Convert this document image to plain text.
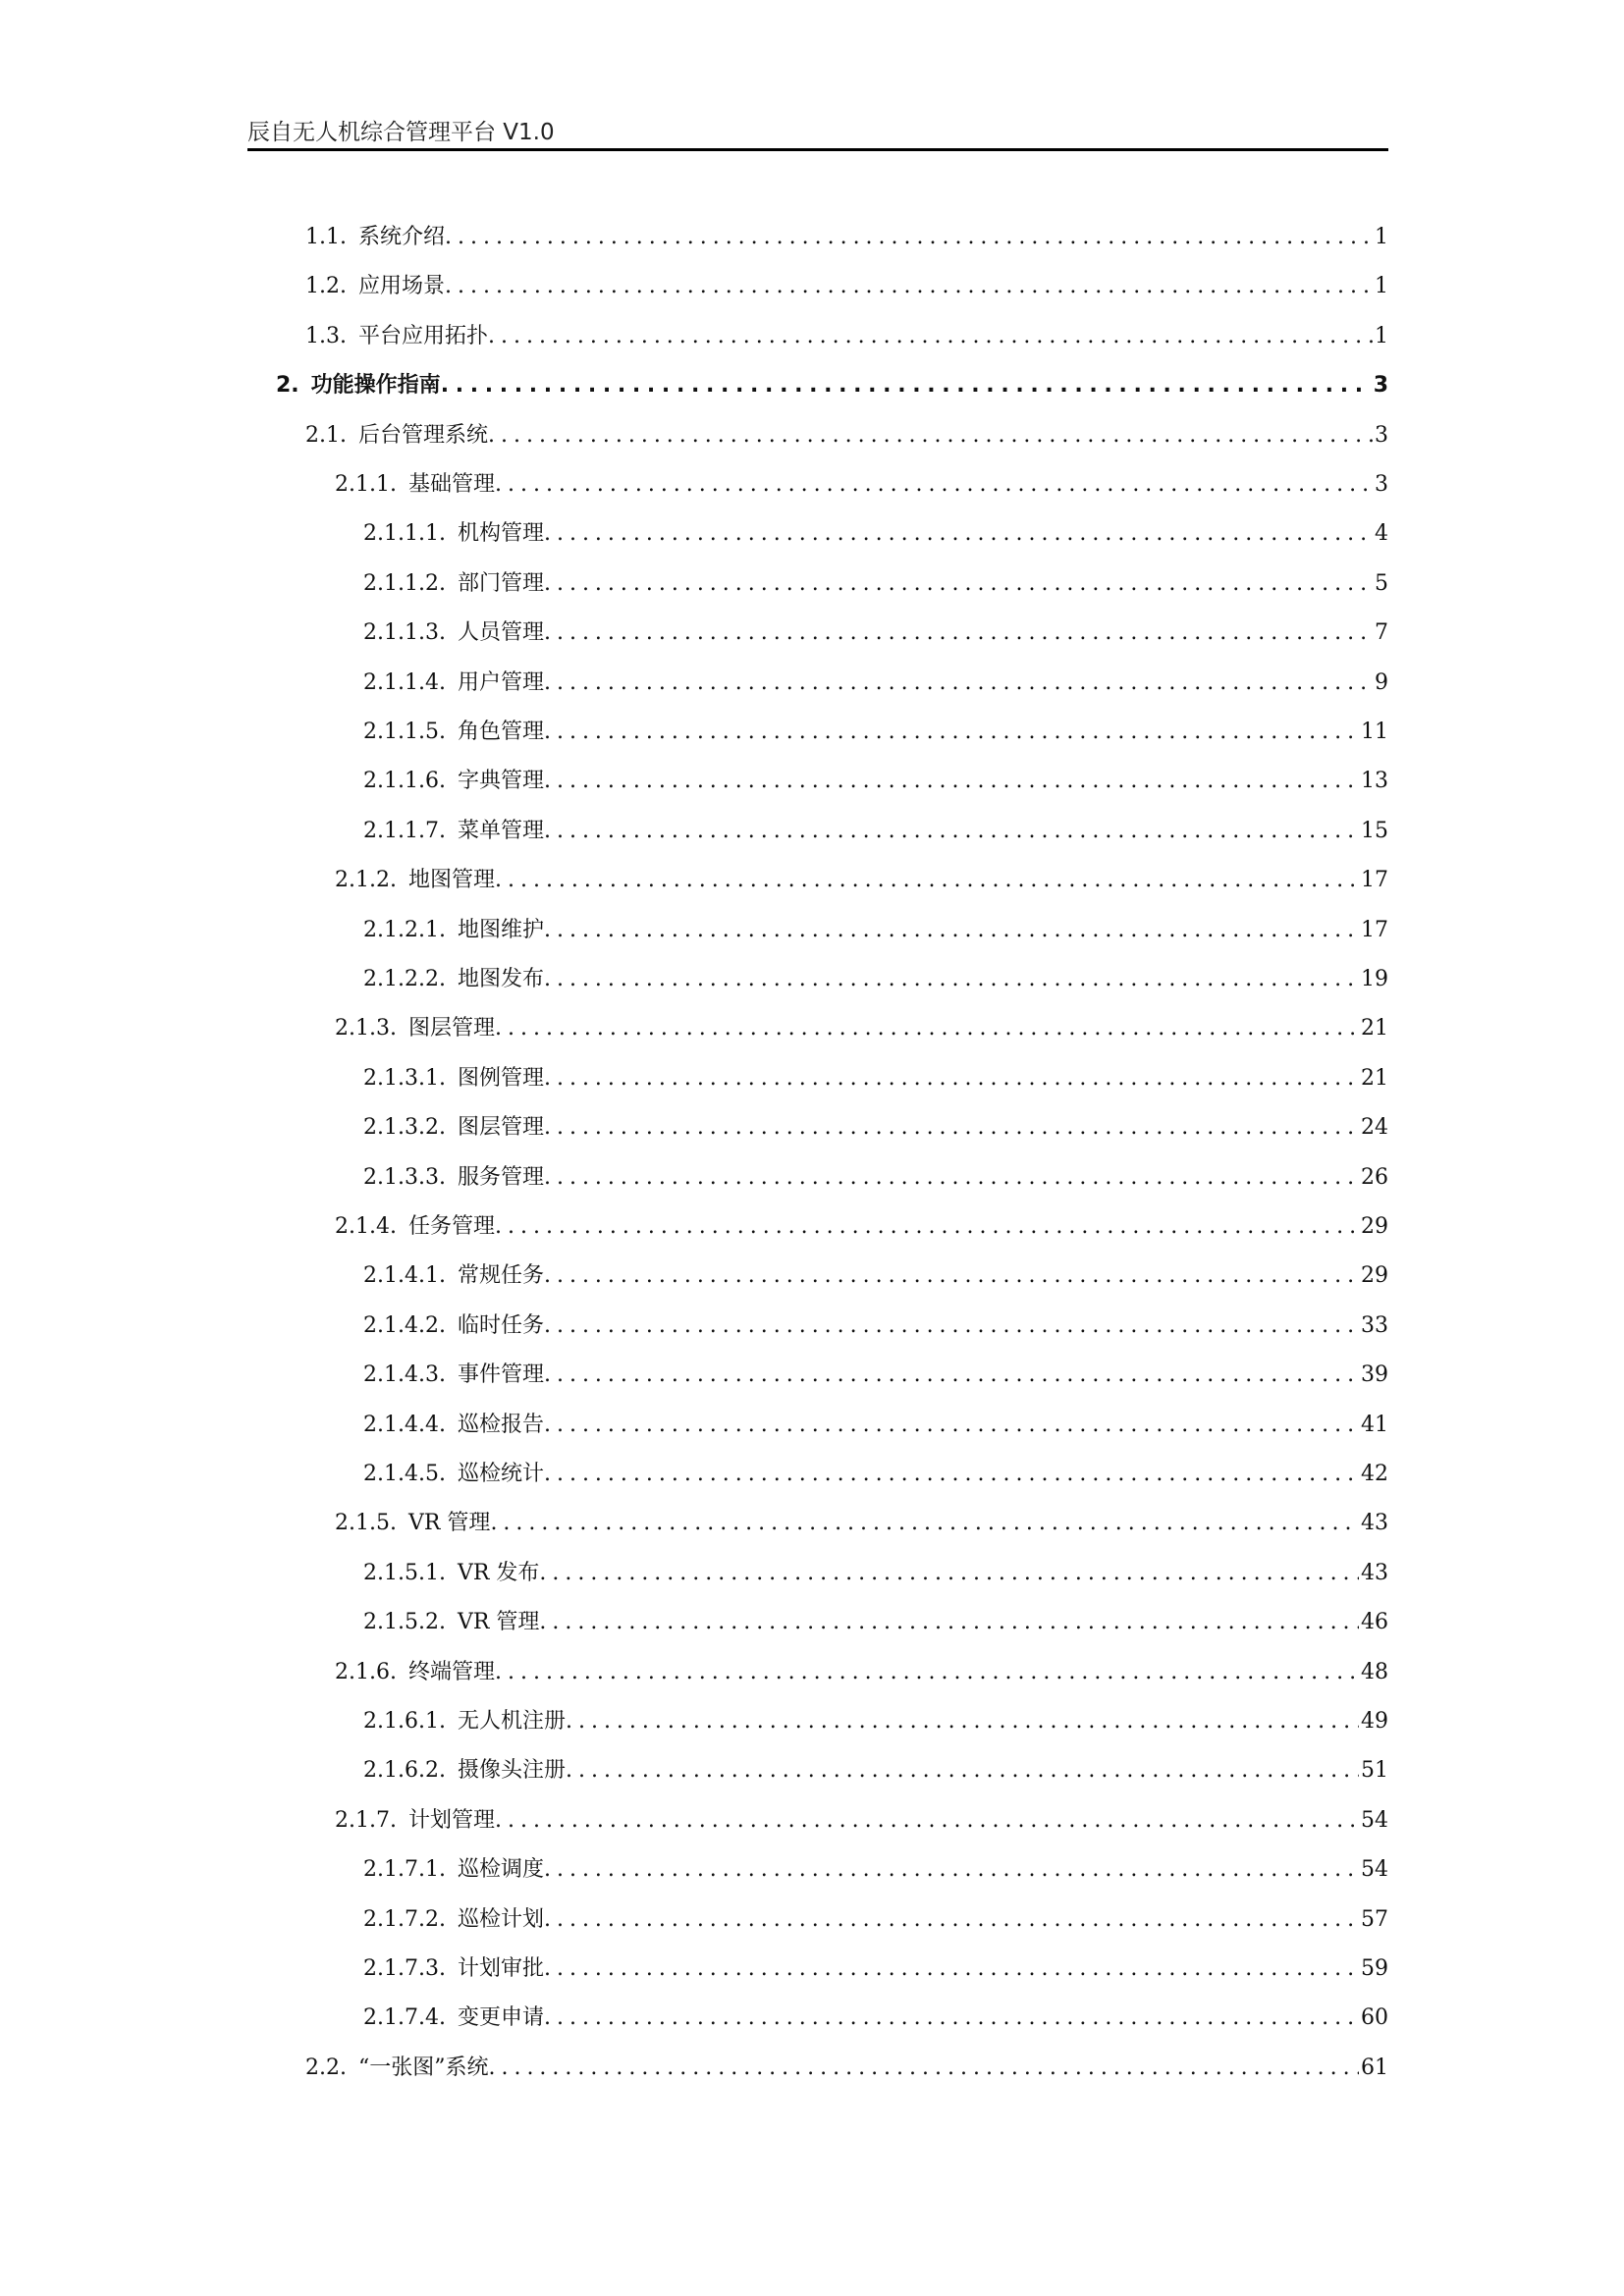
辰自无人机综合管理平台 V1.0
1.1. 系统介绍 . . .	1
1.2. 应用场景 . . .	1
1.3. 平台应用拓扑 . . .	1
2. 功能操作指南 . . .	3
2.1. 后台管理系统 . . .	3
2.1.1. 基础管理 . . .	3
2.1.1.1. 机构管理 . . .	4
2.1.1.2. 部门管理 . . .	5
2.1.1.3. 人员管理 . . .	7
2.1.1.4. 用户管理 . . .	9
2.1.1.5. 角色管理 . . .	11
2.1.1.6. 字典管理 . . .	13
2.1.1.7. 菜单管理 . . .	15
2.1.2. 地图管理 . . .	17
2.1.2.1. 地图维护 . . .	17
2.1.2.2. 地图发布 . . .	19
2.1.3. 图层管理 . . .	21
2.1.3.1. 图例管理 . . .	21
2.1.3.2. 图层管理 . . .	24
2.1.3.3. 服务管理 . . .	26
2.1.4. 任务管理 . . .	29
2.1.4.1. 常规任务 . . .	29
2.1.4.2. 临时任务 . . .	33
2.1.4.3. 事件管理 . . .	39
2.1.4.4. 巡检报告 . . .	41
2.1.4.5. 巡检统计 . . .	42
2.1.5. VR 管理 . . .	43
2.1.5.1. VR 发布 . . .	43
2.1.5.2. VR 管理 . . .	46
2.1.6. 终端管理 . . .	48
2.1.6.1. 无人机注册 . . .	49
2.1.6.2. 摄像头注册 . . .	51
2.1.7. 计划管理 . . .	54
2.1.7.1. 巡检调度 . . .	54
2.1.7.2. 巡检计划 . . .	57
2.1.7.3. 计划审批 . . .	59
2.1.7.4. 变更申请 . . .	60
2.2. “一张图”系统 . . .	61
